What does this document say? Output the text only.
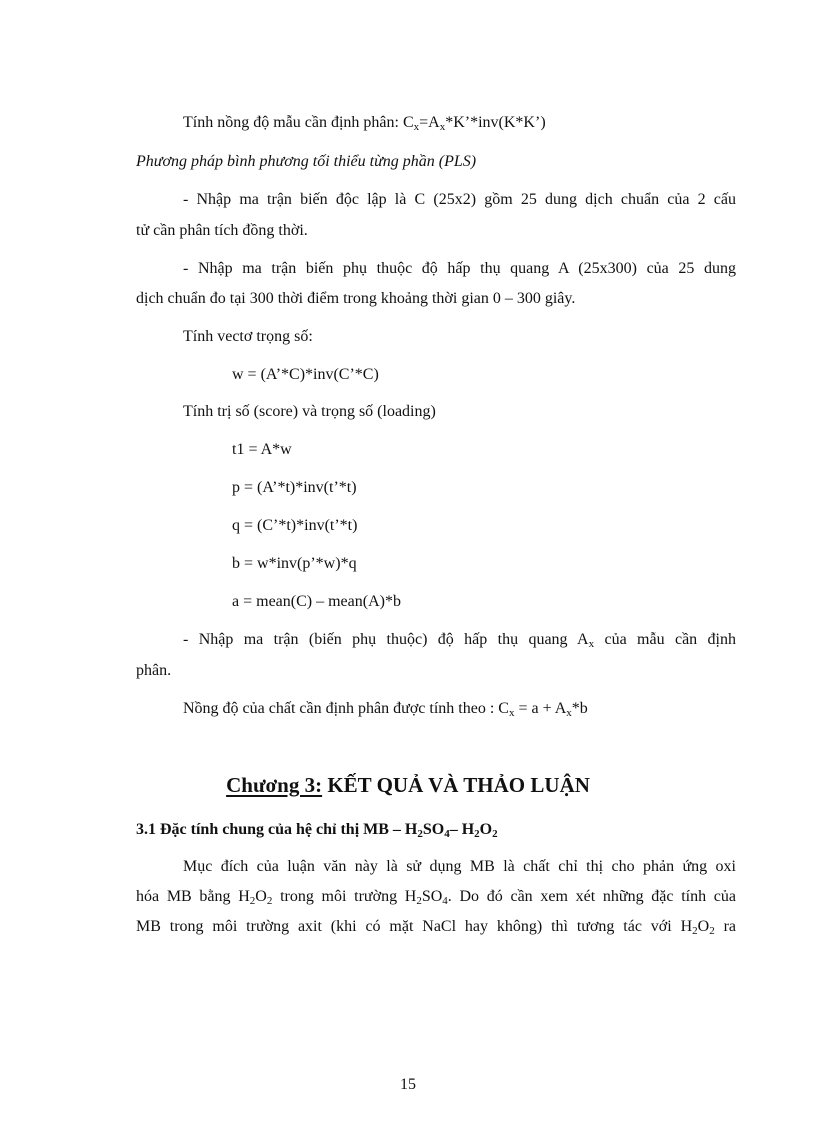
Tính nồng độ mẫu cần định phân: $C_x=A_x*K’*inv(K*K’)$
Phương pháp bình phương tối thiểu từng phần (PLS)
- Nhập ma trận biến độc lập là C (25x2) gồm 25 dung dịch chuẩn của 2 cấu
tử cần phân tích đồng thời.
- Nhập ma trận biến phụ thuộc độ hấp thụ quang A (25x300) của 25 dung
dịch chuẩn đo tại 300 thời điểm trong khoảng thời gian 0 – 300 giây.
Tính vectơ trọng số:
w = (A’*C)*inv(C’*C)
Tính trị số (score) và trọng số (loading)
t1 = A*w
p = (A’*t)*inv(t’*t)
q = (C’*t)*inv(t’*t)
b = w*inv(p’*w)*q
a = mean(C) – mean(A)*b
- Nhập ma trận (biến phụ thuộc) độ hấp thụ quang $A_x$ của mẫu cần định
phân.
Nồng độ của chất cần định phân được tính theo : $C_x = a + A_x*b$
Chương 3: KẾT QUẢ VÀ THẢO LUẬN
3.1 Đặc tính chung của hệ chỉ thị MB – $H_2SO_4-$ $H_2O_2$
Mục đích của luận văn này là sử dụng MB là chất chỉ thị cho phản ứng oxi
hóa MB bằng $H_2O_2$ trong môi trường $H_2SO_4$. Do đó cần xem xét những đặc tính của
MB trong môi trường axit (khi có mặt NaCl hay không) thì tương tác với $H_2O_2$ ra
15
